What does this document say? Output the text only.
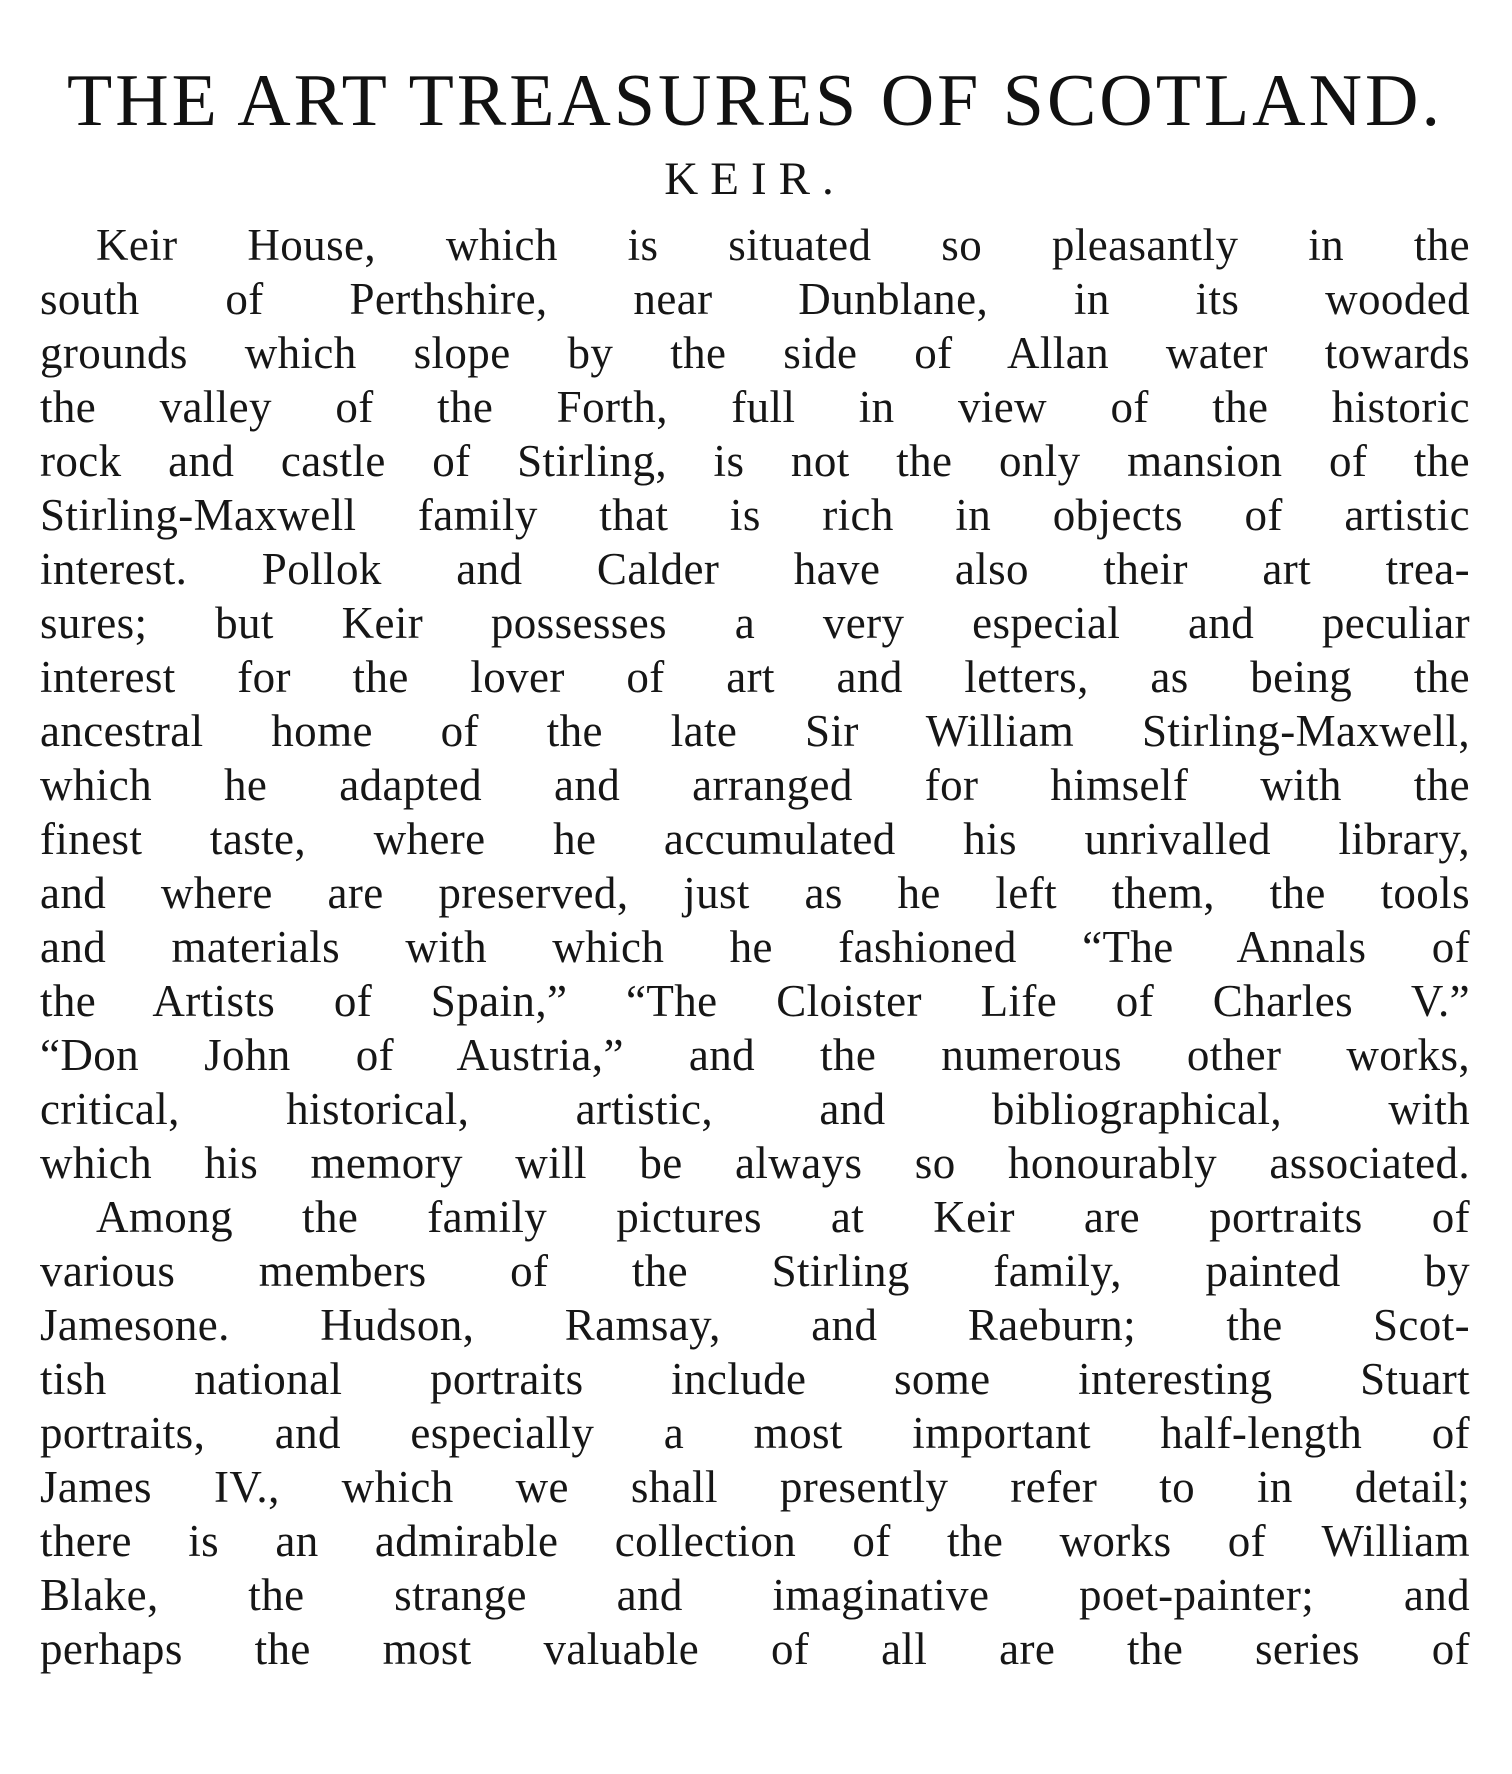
THE ART TREASURES OF SCOTLAND.
KEIR.
Keir House, which is situated so pleasantly in the
south of Perthshire, near Dunblane, in its wooded
grounds which slope by the side of Allan water towards
the valley of the Forth, full in view of the historic
rock and castle of Stirling, is not the only mansion of the
Stirling-Maxwell family that is rich in objects of artistic
interest. Pollok and Calder have also their art trea-
sures; but Keir possesses a very especial and peculiar
interest for the lover of art and letters, as being the
ancestral home of the late Sir William Stirling-Maxwell,
which he adapted and arranged for himself with the
finest taste, where he accumulated his unrivalled library,
and where are preserved, just as he left them, the tools
and materials with which he fashioned “The Annals of
the Artists of Spain,” “The Cloister Life of Charles V.”
“Don John of Austria,” and the numerous other works,
critical, historical, artistic, and bibliographical, with
which his memory will be always so honourably associated.
Among the family pictures at Keir are portraits of
various members of the Stirling family, painted by
Jamesone. Hudson, Ramsay, and Raeburn; the Scot-
tish national portraits include some interesting Stuart
portraits, and especially a most important half-length of
James IV., which we shall presently refer to in detail;
there is an admirable collection of the works of William
Blake, the strange and imaginative poet-painter; and
perhaps the most valuable of all are the series of
